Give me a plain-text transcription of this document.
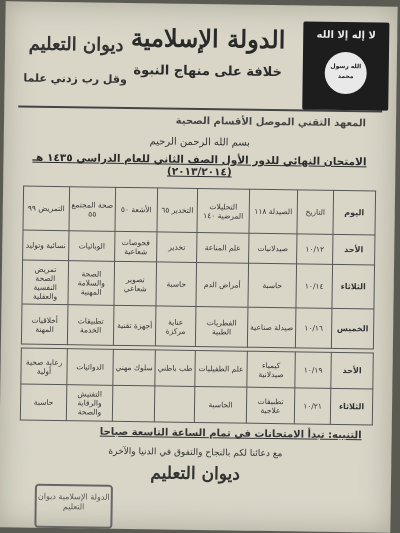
لا إله إلا الله
الله رسول محمد
الدولة الإسلامية
خلافة على منهاج النبوة
ديوان التعليم
وقل رب زدني علما
المعهد التقني الموصل الأقسام الصحية
بسم الله الرحمن الرحيم
الامتحان النهائي للدور الأول الصف الثاني للعام الدراسي ١٤٣٥ هـ (٢٠١٣/٢٠١٤)
اليوم	التاريخ	الصيدلة ١١٨	التحليلات المرضية ١٤٠	التخدير ٦٥	الأشعة ٥٠	صحة المجتمع ٥٥	التمريض ٩٩
الأحد	١٠/١٢	صيدلانيات	علم المناعة	تخدير	فحوصات شعاعية	الوبائيات	نسائية وتوليد
الثلاثاء	١٠/١٤	حاسبة	أمراض الدم	حاسبة	تصوير شعاعي	الصحة والسلامة المهنية	تمريض الصحة النفسية والعقلية
الخميس	١٠/١٦	صيدلة صناعية	الفطريات الطبية	عناية مركزة	أجهزة تقنية	تطبيقات الخدمة	أخلاقيات المهنة
الأحد	١٠/١٩	كيمياء صيدلانية	علم الطفيليات	طب باطني	سلوك مهني	الدوائيات	رعاية صحية أولية
الثلاثاء	١٠/٢١	تطبيقات علاجية	الحاسبة			التفتيش والرقابة والصحة	حاسبة
التنبيه: تبدأ الامتحانات في تمام الساعة التاسعة صباحا
مع دعائنا لكم بالنجاح والتفوق في الدنيا والآخرة
ديوان التعليم
الدولة الإسلامية ديوان التعليم
